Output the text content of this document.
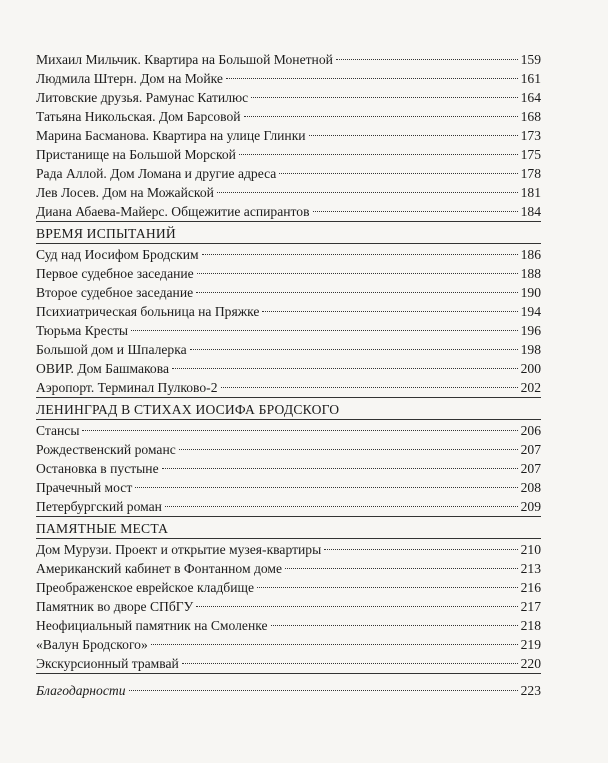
Михаил Мильчик. Квартира на Большой Монетной	159
Людмила Штерн. Дом на Мойке	161
Литовские друзья. Рамунас Катилюс	164
Татьяна Никольская. Дом Барсовой	168
Марина Басманова. Квартира на улице Глинки	173
Пристанище на Большой Морской	175
Рада Аллой. Дом Ломана и другие адреса	178
Лев Лосев. Дом на Можайской	181
Диана Абаева-Майерс. Общежитие аспирантов	184
ВРЕМЯ ИСПЫТАНИЙ
Суд над Иосифом Бродским	186
Первое судебное заседание	188
Второе судебное заседание	190
Психиатрическая больница на Пряжке	194
Тюрьма Кресты	196
Большой дом и Шпалерка	198
ОВИР. Дом Башмакова	200
Аэропорт. Терминал Пулково-2	202
ЛЕНИНГРАД В СТИХАХ ИОСИФА БРОДСКОГО
Стансы	206
Рождественский романс	207
Остановка в пустыне	207
Прачечный мост	208
Петербургский роман	209
ПАМЯТНЫЕ МЕСТА
Дом Мурузи. Проект и открытие музея-квартиры	210
Американский кабинет в Фонтанном доме	213
Преображенское еврейское кладбище	216
Памятник во дворе СПбГУ	217
Неофициальный памятник на Смоленке	218
«Валун Бродского»	219
Экскурсионный трамвай	220
Благодарности	223
